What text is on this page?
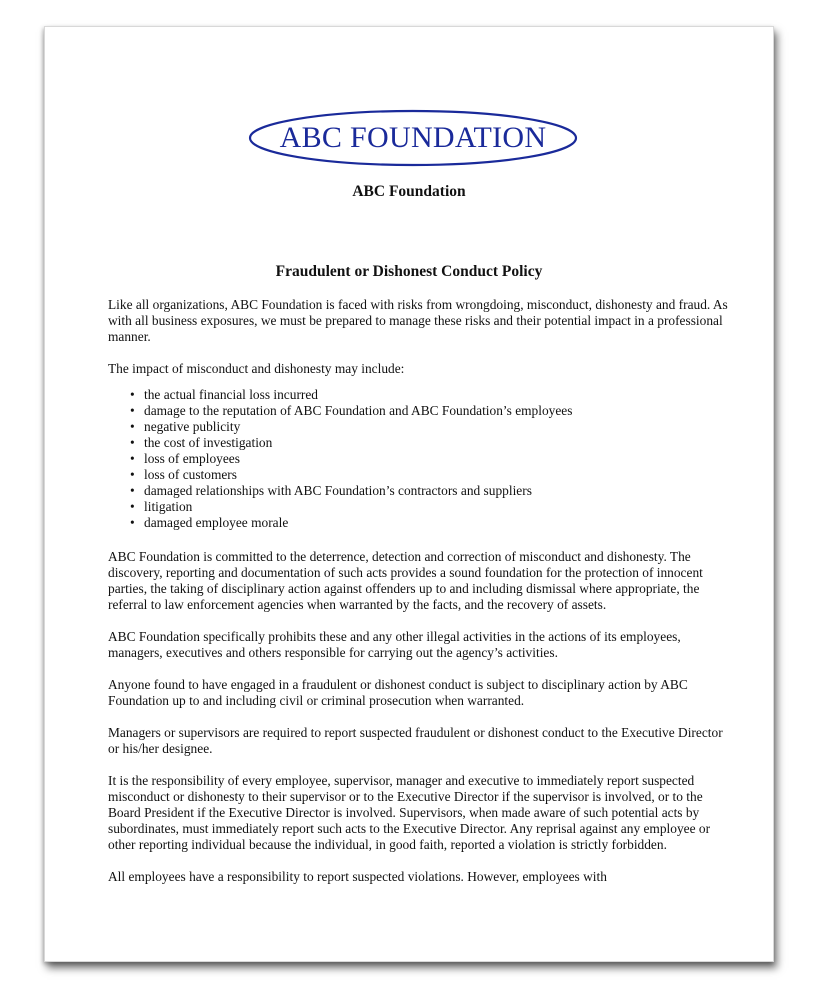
ABC FOUNDATION
ABC Foundation
Fraudulent or Dishonest Conduct Policy

Like all organizations, ABC Foundation is faced with risks from wrongdoing, misconduct, dishonesty and fraud. As with all business exposures, we must be prepared to manage these risks and their potential impact in a professional manner.

The impact of misconduct and dishonesty may include:

• the actual financial loss incurred
• damage to the reputation of ABC Foundation and ABC Foundation’s employees
• negative publicity
• the cost of investigation
• loss of employees
• loss of customers
• damaged relationships with ABC Foundation’s contractors and suppliers
• litigation
• damaged employee morale

ABC Foundation is committed to the deterrence, detection and correction of misconduct and dishonesty. The discovery, reporting and documentation of such acts provides a sound foundation for the protection of innocent parties, the taking of disciplinary action against offenders up to and including dismissal where appropriate, the referral to law enforcement agencies when warranted by the facts, and the recovery of assets.

ABC Foundation specifically prohibits these and any other illegal activities in the actions of its employees, managers, executives and others responsible for carrying out the agency’s activities.

Anyone found to have engaged in a fraudulent or dishonest conduct is subject to disciplinary action by ABC Foundation up to and including civil or criminal prosecution when warranted.

Managers or supervisors are required to report suspected fraudulent or dishonest conduct to the Executive Director or his/her designee.

It is the responsibility of every employee, supervisor, manager and executive to immediately report suspected misconduct or dishonesty to their supervisor or to the Executive Director if the supervisor is involved, or to the Board President if the Executive Director is involved. Supervisors, when made aware of such potential acts by subordinates, must immediately report such acts to the Executive Director. Any reprisal against any employee or other reporting individual because the individual, in good faith, reported a violation is strictly forbidden.

All employees have a responsibility to report suspected violations. However, employees with
